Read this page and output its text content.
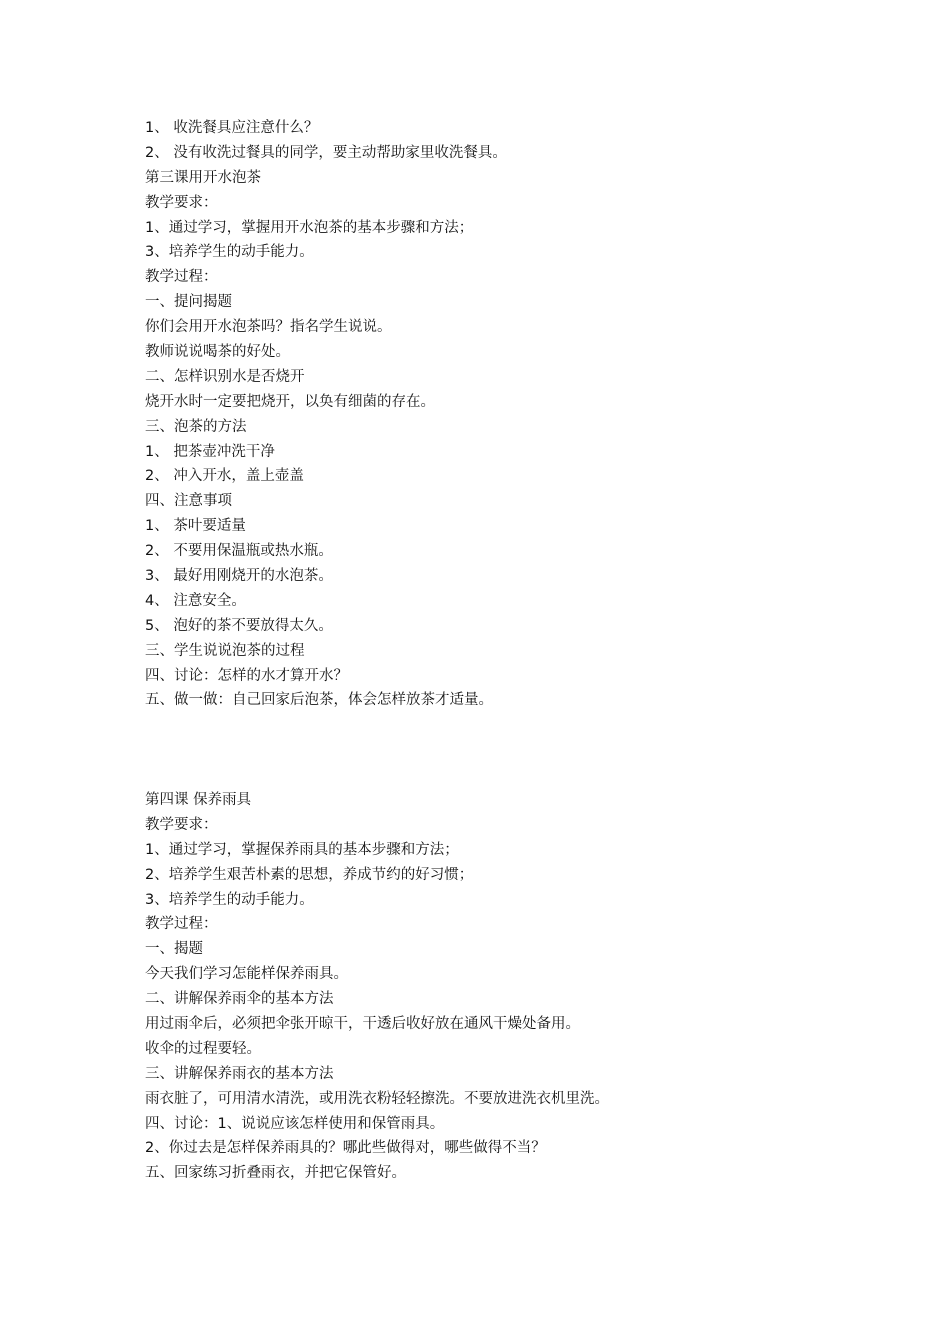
1、 收洗餐具应注意什么？
2、 没有收洗过餐具的同学，要主动帮助家里收洗餐具。
第三课用开水泡茶
教学要求：
1、通过学习，掌握用开水泡茶的基本步骤和方法；
3、培养学生的动手能力。
教学过程：
一、提问揭题
你们会用开水泡茶吗？指名学生说说。
教师说说喝茶的好处。
二、怎样识别水是否烧开
烧开水时一定要把烧开，以奂有细菌的存在。
三、泡茶的方法
1、 把茶壶冲洗干净
2、 冲入开水，盖上壶盖
四、注意事项
1、 茶叶要适量
2、 不要用保温瓶或热水瓶。
3、 最好用刚烧开的水泡茶。
4、 注意安全。
5、 泡好的茶不要放得太久。
三、学生说说泡茶的过程
四、讨论：怎样的水才算开水？
五、做一做：自己回家后泡茶，体会怎样放茶才适量。
第四课 保养雨具
教学要求：
1、通过学习，掌握保养雨具的基本步骤和方法；
2、培养学生艰苦朴素的思想，养成节约的好习惯；
3、培养学生的动手能力。
教学过程：
一、揭题
今天我们学习怎能样保养雨具。
二、讲解保养雨伞的基本方法
用过雨伞后，必须把伞张开晾干，干透后收好放在通风干燥处备用。
收伞的过程要轻。
三、讲解保养雨衣的基本方法
雨衣脏了，可用清水清洗，或用洗衣粉轻轻擦洗。不要放进洗衣机里洗。
四、讨论：1、说说应该怎样使用和保管雨具。
2、你过去是怎样保养雨具的？哪此些做得对，哪些做得不当？
五、回家练习折叠雨衣，并把它保管好。
